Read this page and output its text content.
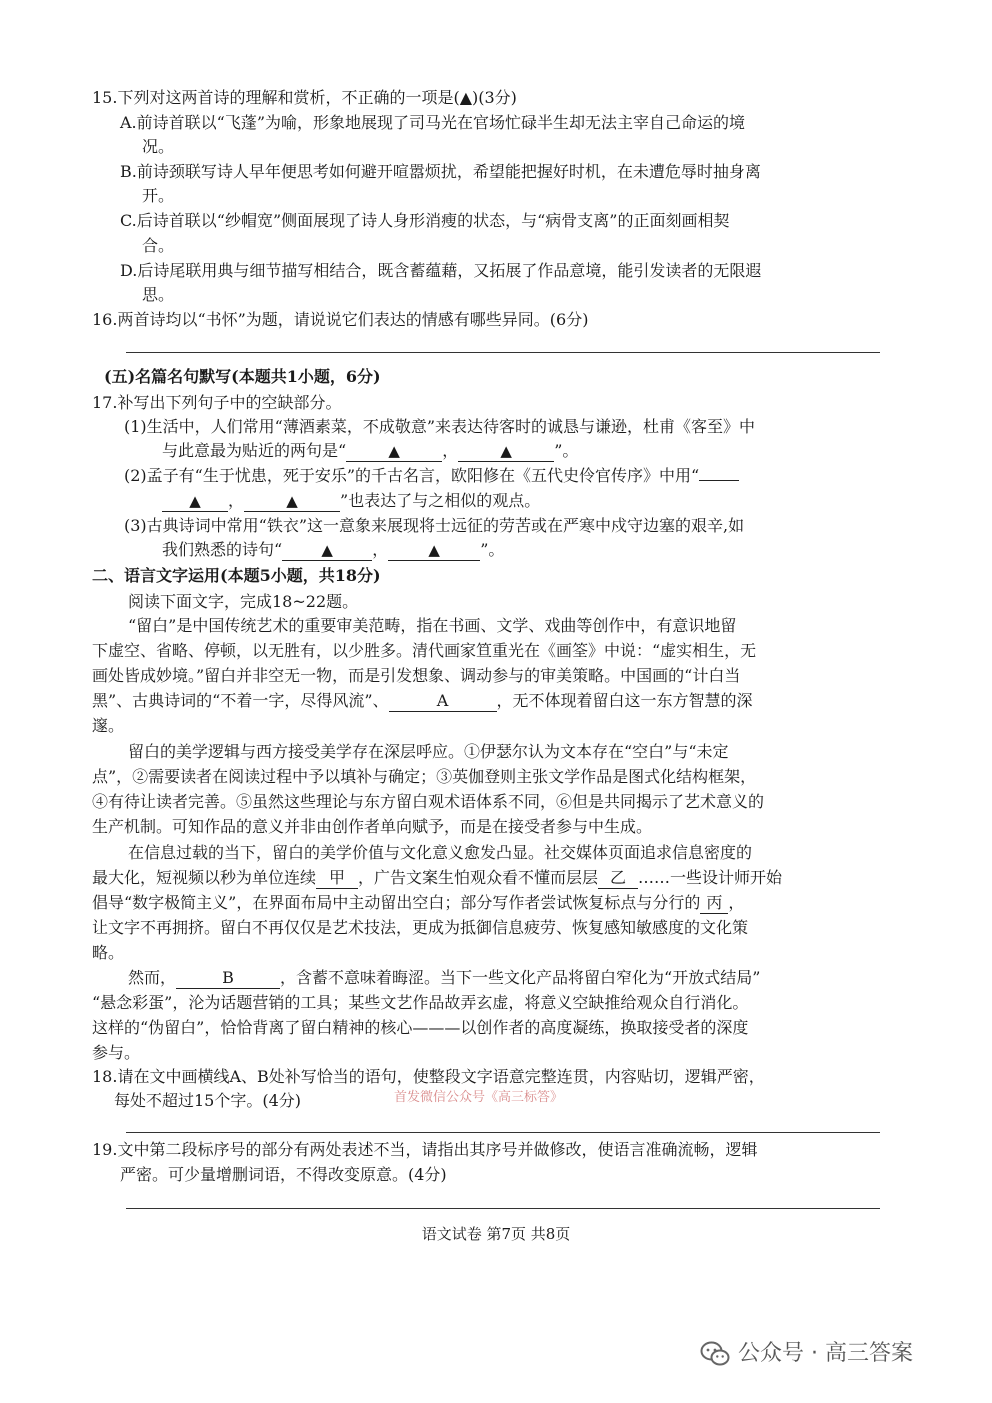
15.下列对这两首诗的理解和赏析，不正确的一项是(▲)(3分)
A.前诗首联以“飞蓬”为喻，形象地展现了司马光在官场忙碌半生却无法主宰自己命运的境
况。
B.前诗颈联写诗人早年便思考如何避开喧嚣烦扰，希望能把握好时机，在未遭危辱时抽身离
开。
C.后诗首联以“纱帽宽”侧面展现了诗人身形消瘦的状态，与“病骨支离”的正面刻画相契
合。
D.后诗尾联用典与细节描写相结合，既含蓄蕴藉，又拓展了作品意境，能引发读者的无限遐
思。
16.两首诗均以“书怀”为题，请说说它们表达的情感有哪些异同。(6分)
(五)名篇名句默写(本题共1小题，6分)
17.补写出下列句子中的空缺部分。
(1)生活中，人们常用“薄酒素菜，不成敬意”来表达待客时的诚恳与谦逊，杜甫《客至》中
与此意最为贴近的两句是“	▲	，	▲	”。
(2)孟子有“生于忧患，死于安乐”的千古名言，欧阳修在《五代史伶官传序》中用“
▲ ，	▲	”也表达了与之相似的观点。
(3)古典诗词中常用“铁衣”这一意象来展现将士远征的劳苦或在严寒中戍守边塞的艰辛,如
我们熟悉的诗句“	▲ ，	▲	”。
二、语言文字运用(本题5小题，共18分)
阅读下面文字，完成18~22题。
“留白”是中国传统艺术的重要审美范畴，指在书画、文学、戏曲等创作中，有意识地留
下虚空、省略、停顿，以无胜有，以少胜多。清代画家笪重光在《画筌》中说：“虚实相生，无
画处皆成妙境。”留白并非空无一物，而是引发想象、调动参与的审美策略。中国画的“计白当
黑”、古典诗词的“不着一字，尽得风流”、	A	，无不体现着留白这一东方智慧的深
邃。
留白的美学逻辑与西方接受美学存在深层呼应。①伊瑟尔认为文本存在“空白”与“未定
点”，②需要读者在阅读过程中予以填补与确定；③英伽登则主张文学作品是图式化结构框架，
④有待让读者完善。⑤虽然这些理论与东方留白观术语体系不同，⑥但是共同揭示了艺术意义的
生产机制。可知作品的意义并非由创作者单向赋予，而是在接受者参与中生成。
在信息过载的当下，留白的美学价值与文化意义愈发凸显。社交媒体页面追求信息密度的
最大化，短视频以秒为单位连续 甲 ，广告文案生怕观众看不懂而层层 乙 ……一些设计师开始
倡导“数字极简主义”，在界面布局中主动留出空白；部分写作者尝试恢复标点与分行的 丙 ，
让文字不再拥挤。留白不再仅仅是艺术技法，更成为抵御信息疲劳、恢复感知敏感度的文化策
略。
然而，	B	，含蓄不意味着晦涩。当下一些文化产品将留白窄化为“开放式结局”
“悬念彩蛋”，沦为话题营销的工具；某些文艺作品故弄玄虚，将意义空缺推给观众自行消化。
这样的“伪留白”，恰恰背离了留白精神的核心———以创作者的高度凝练，换取接受者的深度
参与。
18.请在文中画横线A、B处补写恰当的语句，使整段文字语意完整连贯，内容贴切，逻辑严密，
每处不超过15个字。(4分)	首发微信公众号《高三标答》
19.文中第二段标序号的部分有两处表述不当，请指出其序号并做修改，使语言准确流畅，逻辑
严密。可少量增删词语，不得改变原意。(4分)
语文试卷 第7页 共8页
公众号 · 高三答案
